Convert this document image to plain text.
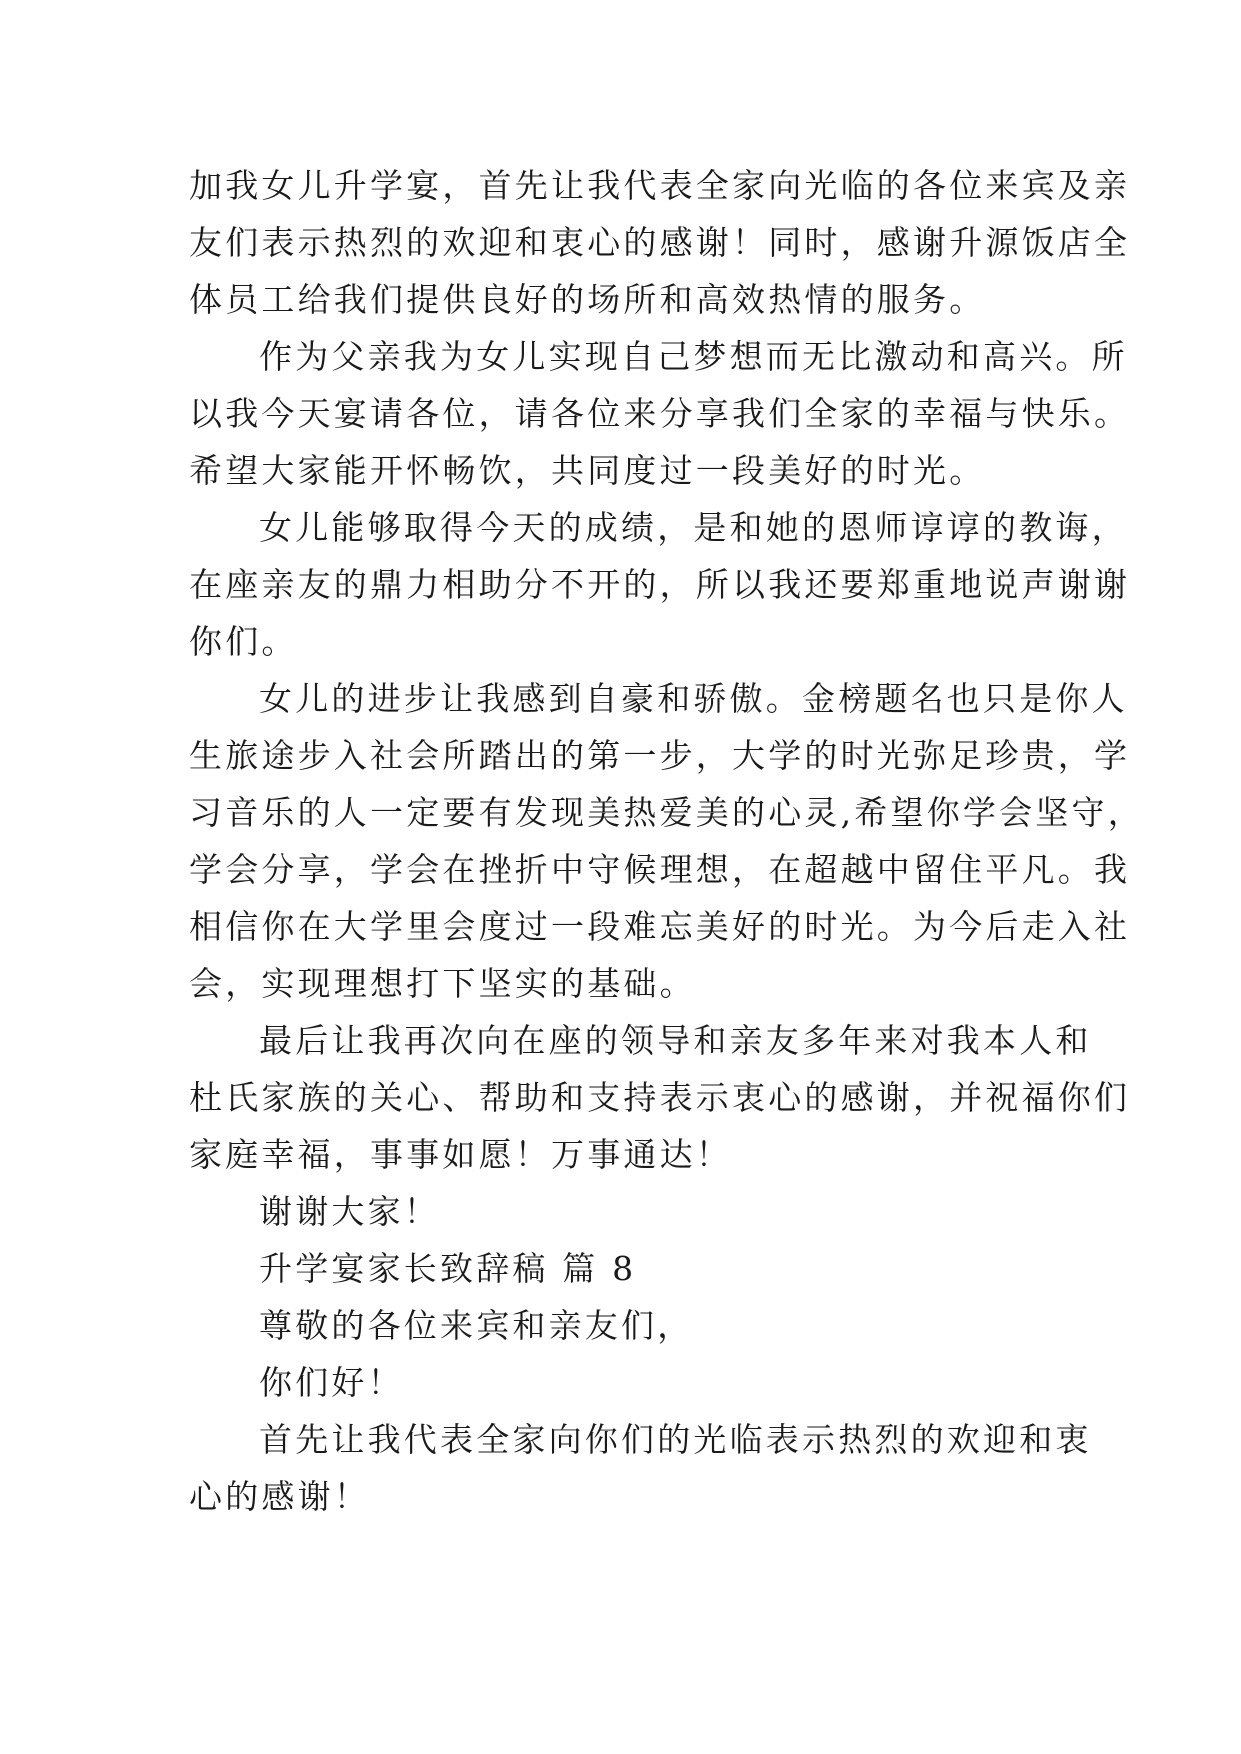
加我女儿升学宴，首先让我代表全家向光临的各位来宾及亲
友们表示热烈的欢迎和衷心的感谢！同时，感谢升源饭店全
体员工给我们提供良好的场所和高效热情的服务。
作为父亲我为女儿实现自己梦想而无比激动和高兴。所
以我今天宴请各位，请各位来分享我们全家的幸福与快乐。
希望大家能开怀畅饮，共同度过一段美好的时光。
女儿能够取得今天的成绩，是和她的恩师谆谆的教诲，
在座亲友的鼎力相助分不开的，所以我还要郑重地说声谢谢
你们。
女儿的进步让我感到自豪和骄傲。金榜题名也只是你人
生旅途步入社会所踏出的第一步，大学的时光弥足珍贵，学
习音乐的人一定要有发现美热爱美的心灵,希望你学会坚守，
学会分享，学会在挫折中守候理想，在超越中留住平凡。我
相信你在大学里会度过一段难忘美好的时光。为今后走入社
会，实现理想打下坚实的基础。
最后让我再次向在座的领导和亲友多年来对我本人和
杜氏家族的关心、帮助和支持表示衷心的感谢，并祝福你们
家庭幸福，事事如愿！万事通达！
谢谢大家！
升学宴家长致辞稿 篇 8
尊敬的各位来宾和亲友们，
你们好！
首先让我代表全家向你们的光临表示热烈的欢迎和衷
心的感谢！
